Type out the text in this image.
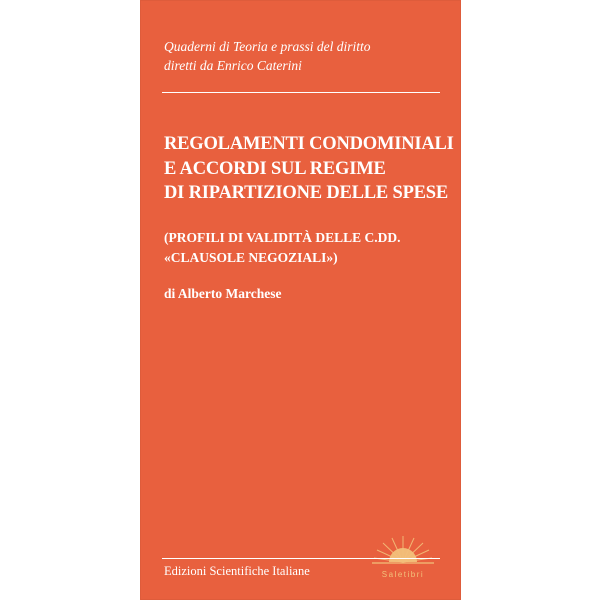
Quaderni di Teoria e prassi del diritto
diretti da Enrico Caterini
REGOLAMENTI CONDOMINIALI
E ACCORDI SUL REGIME
DI RIPARTIZIONE DELLE SPESE
(PROFILI DI VALIDITÀ DELLE C.DD.
«CLAUSOLE NEGOZIALI»)
di Alberto Marchese
Saletibri
Edizioni Scientifiche Italiane
